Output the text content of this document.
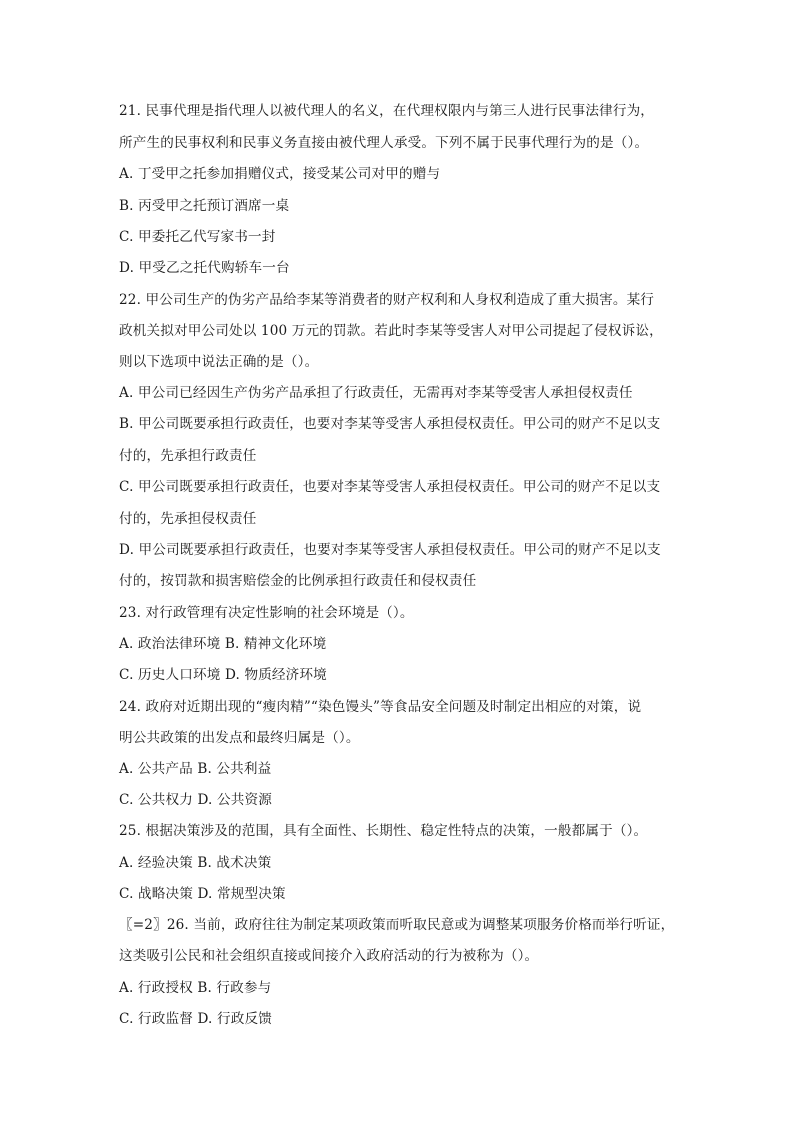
21. 民事代理是指代理人以被代理人的名义，在代理权限内与第三人进行民事法律行为，
所产生的民事权利和民事义务直接由被代理人承受。下列不属于民事代理行为的是（）。
A. 丁受甲之托参加捐赠仪式，接受某公司对甲的赠与
B. 丙受甲之托预订酒席一桌
C. 甲委托乙代写家书一封
D. 甲受乙之托代购轿车一台
22. 甲公司生产的伪劣产品给李某等消费者的财产权利和人身权利造成了重大损害。某行
政机关拟对甲公司处以 100 万元的罚款。若此时李某等受害人对甲公司提起了侵权诉讼，
则以下选项中说法正确的是（）。
A. 甲公司已经因生产伪劣产品承担了行政责任，无需再对李某等受害人承担侵权责任
B. 甲公司既要承担行政责任，也要对李某等受害人承担侵权责任。甲公司的财产不足以支
付的，先承担行政责任
C. 甲公司既要承担行政责任，也要对李某等受害人承担侵权责任。甲公司的财产不足以支
付的，先承担侵权责任
D. 甲公司既要承担行政责任，也要对李某等受害人承担侵权责任。甲公司的财产不足以支
付的，按罚款和损害赔偿金的比例承担行政责任和侵权责任
23. 对行政管理有决定性影响的社会环境是（）。
A. 政治法律环境 B. 精神文化环境
C. 历史人口环境 D. 物质经济环境
24. 政府对近期出现的“瘦肉精”“染色馒头”等食品安全问题及时制定出相应的对策，说
明公共政策的出发点和最终归属是（）。
A. 公共产品 B. 公共利益
C. 公共权力 D. 公共资源
25. 根据决策涉及的范围，具有全面性、长期性、稳定性特点的决策，一般都属于（）。
A. 经验决策 B. 战术决策
C. 战略决策 D. 常规型决策
〖=2〗26. 当前，政府往往为制定某项政策而听取民意或为调整某项服务价格而举行听证，
这类吸引公民和社会组织直接或间接介入政府活动的行为被称为（）。
A. 行政授权 B. 行政参与
C. 行政监督 D. 行政反馈
